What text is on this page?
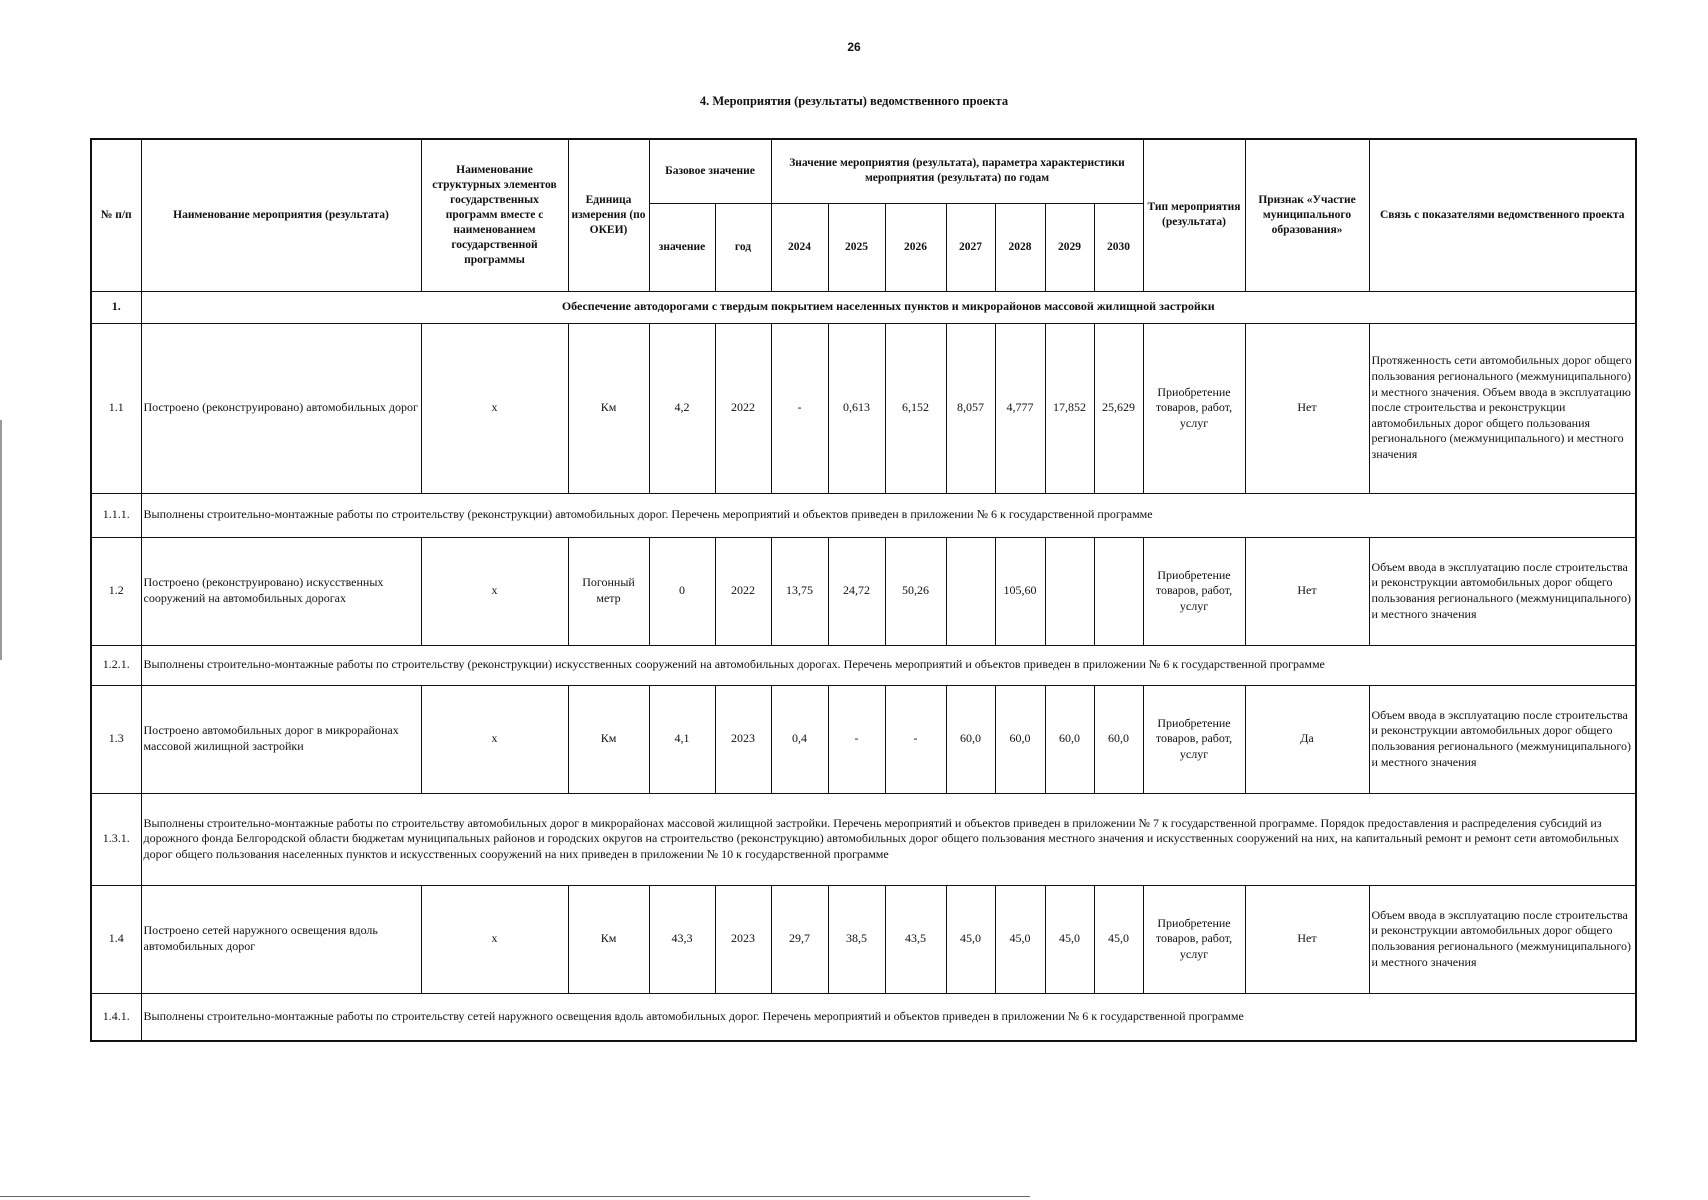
26
4. Мероприятия (результаты) ведомственного проекта
№ п/п	Наименование мероприятия (результата)	Наименование структурных элементов государственных программ вместе с наименованием государственной программы	Единица измерения (по ОКЕИ)	Базовое значение		Значение мероприятия (результата), параметра характеристики мероприятия (результата) по годам							Тип мероприятия (результата)	Признак «Участие муниципального образования»	Связь с показателями ведомственного проекта
				значение	год	2024	2025	2026	2027	2028	2029	2030			
1.	Обеспечение автодорогами с твердым покрытием населенных пунктов и микрорайонов массовой жилищной застройки														
1.1	Построено (реконструировано) автомобильных дорог	х	Км	4,2	2022	-	0,613	6,152	8,057	4,777	17,852	25,629	Приобретение товаров, работ, услуг	Нет	Протяженность сети автомобильных дорог общего пользования регионального (межмуниципального) и местного значения. Объем ввода в эксплуатацию после строительства и реконструкции автомобильных дорог общего пользования регионального (межмуниципального) и местного значения
1.1.1.	Выполнены строительно-монтажные работы по строительству (реконструкции) автомобильных дорог. Перечень мероприятий и объектов приведен в приложении № 6 к государственной программе														
1.2	Построено (реконструировано) искусственных сооружений на автомобильных дорогах	х	Погонный метр	0	2022	13,75	24,72	50,26		105,60			Приобретение товаров, работ, услуг	Нет	Объем ввода в эксплуатацию после строительства и реконструкции автомобильных дорог общего пользования регионального (межмуниципального) и местного значения
1.2.1.	Выполнены строительно-монтажные работы по строительству (реконструкции) искусственных сооружений на автомобильных дорогах. Перечень мероприятий и объектов приведен в приложении № 6 к государственной программе														
1.3	Построено автомобильных дорог в микрорайонах массовой жилищной застройки	х	Км	4,1	2023	0,4	-	-	60,0	60,0	60,0	60,0	Приобретение товаров, работ, услуг	Да	Объем ввода в эксплуатацию после строительства и реконструкции автомобильных дорог общего пользования регионального (межмуниципального) и местного значения
1.3.1.	Выполнены строительно-монтажные работы по строительству автомобильных дорог в микрорайонах массовой жилищной застройки. Перечень мероприятий и объектов приведен в приложении № 7 к государственной программе. Порядок предоставления и распределения субсидий из дорожного фонда Белгородской области бюджетам муниципальных районов и городских округов на строительство (реконструкцию) автомобильных дорог общего пользования местного значения и искусственных сооружений на них, на капитальный ремонт и ремонт сети автомобильных дорог общего пользования населенных пунктов и искусственных сооружений на них приведен в приложении № 10 к государственной программе														
1.4	Построено сетей наружного освещения вдоль автомобильных дорог	х	Км	43,3	2023	29,7	38,5	43,5	45,0	45,0	45,0	45,0	Приобретение товаров, работ, услуг	Нет	Объем ввода в эксплуатацию после строительства и реконструкции автомобильных дорог общего пользования регионального (межмуниципального) и местного значения
1.4.1.	Выполнены строительно-монтажные работы по строительству сетей наружного освещения вдоль автомобильных дорог. Перечень мероприятий и объектов приведен в приложении № 6 к государственной программе														
